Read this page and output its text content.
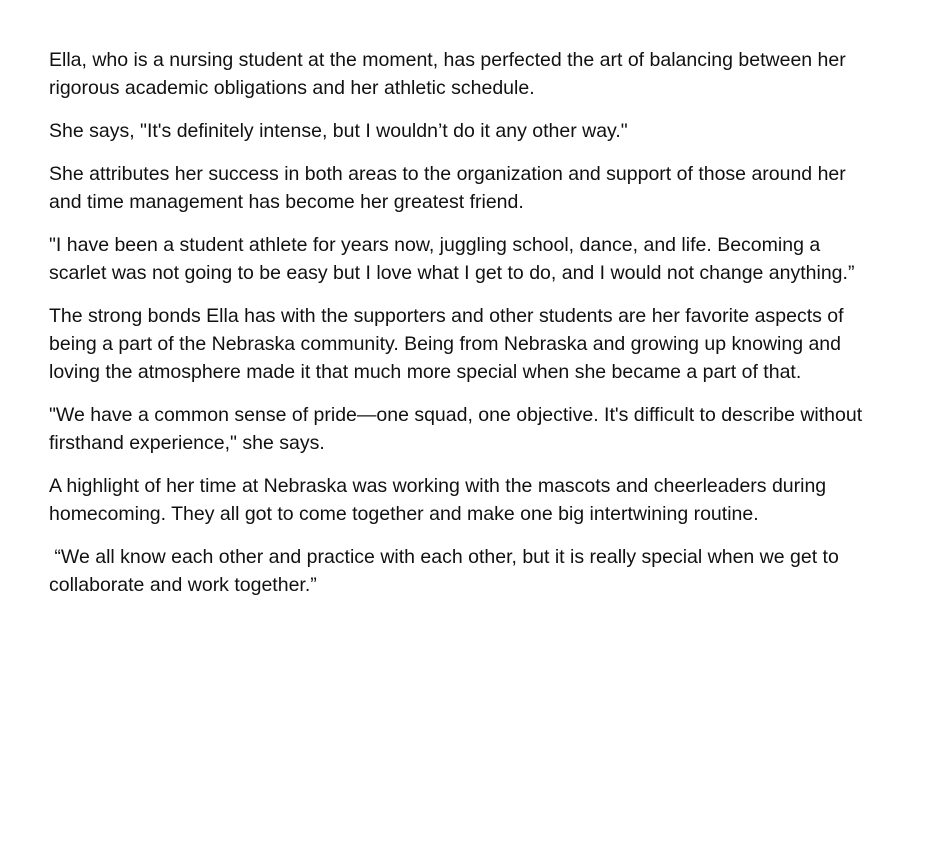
Ella, who is a nursing student at the moment, has perfected the art of balancing between her rigorous academic obligations and her athletic schedule.

She says, "It's definitely intense, but I wouldn’t do it any other way."

She attributes her success in both areas to the organization and support of those around her and time management has become her greatest friend.

"I have been a student athlete for years now, juggling school, dance, and life. Becoming a scarlet was not going to be easy but I love what I get to do, and I would not change anything.”

The strong bonds Ella has with the supporters and other students are her favorite aspects of being a part of the Nebraska community. Being from Nebraska and growing up knowing and loving the atmosphere made it that much more special when she became a part of that.

"We have a common sense of pride—one squad, one objective. It's difficult to describe without firsthand experience," she says.

A highlight of her time at Nebraska was working with the mascots and cheerleaders during homecoming. They all got to come together and make one big intertwining routine.

“We all know each other and practice with each other, but it is really special when we get to collaborate and work together.”
